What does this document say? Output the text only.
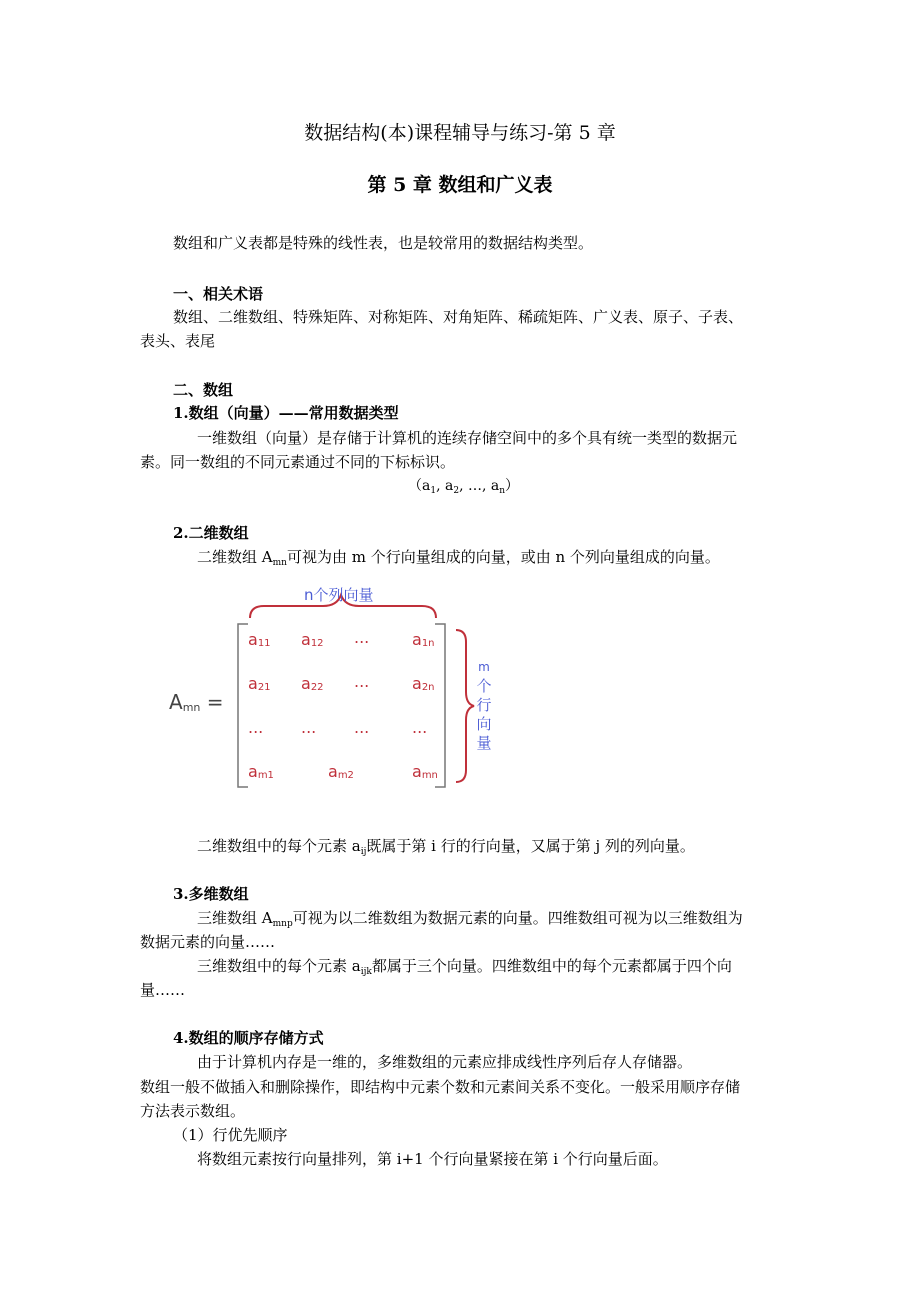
数据结构(本)课程辅导与练习-第 5 章
第 5 章 数组和广义表
数组和广义表都是特殊的线性表，也是较常用的数据结构类型。
一、相关术语
数组、二维数组、特殊矩阵、对称矩阵、对角矩阵、稀疏矩阵、广义表、原子、子表、
表头、表尾
二、数组
1.数组（向量）——常用数据类型
一维数组（向量）是存储于计算机的连续存储空间中的多个具有统一类型的数据元
素。同一数组的不同元素通过不同的下标标识。
（$a_1$, $a_2$, …, $a_n$）
2.二维数组
二维数组 $A_{mn}$可视为由 m 个行向量组成的向量，或由 n 个列向量组成的向量。
n个列向量
$A_{mn}$ =
$a_{11}$ $a_{12}$ ...	$a_{1n}$
$a_{21}$ $a_{22}$ ...	$a_{2n}$
... ... ...	...
$a_{m1}$	$a_{m2}$	$a_{mn}$
m
个
行
向
量
二维数组中的每个元素 $a_{ij}$既属于第 i 行的行向量，又属于第 j 列的列向量。
3.多维数组
三维数组 $A_{mnp}$可视为以二维数组为数据元素的向量。四维数组可视为以三维数组为
数据元素的向量……
三维数组中的每个元素 $a_{ijk}$都属于三个向量。四维数组中的每个元素都属于四个向
量……
4.数组的顺序存储方式
由于计算机内存是一维的，多维数组的元素应排成线性序列后存人存储器。
数组一般不做插入和删除操作，即结构中元素个数和元素间关系不变化。一般采用顺序存储
方法表示数组。
（1）行优先顺序
将数组元素按行向量排列，第 i+1 个行向量紧接在第 i 个行向量后面。
